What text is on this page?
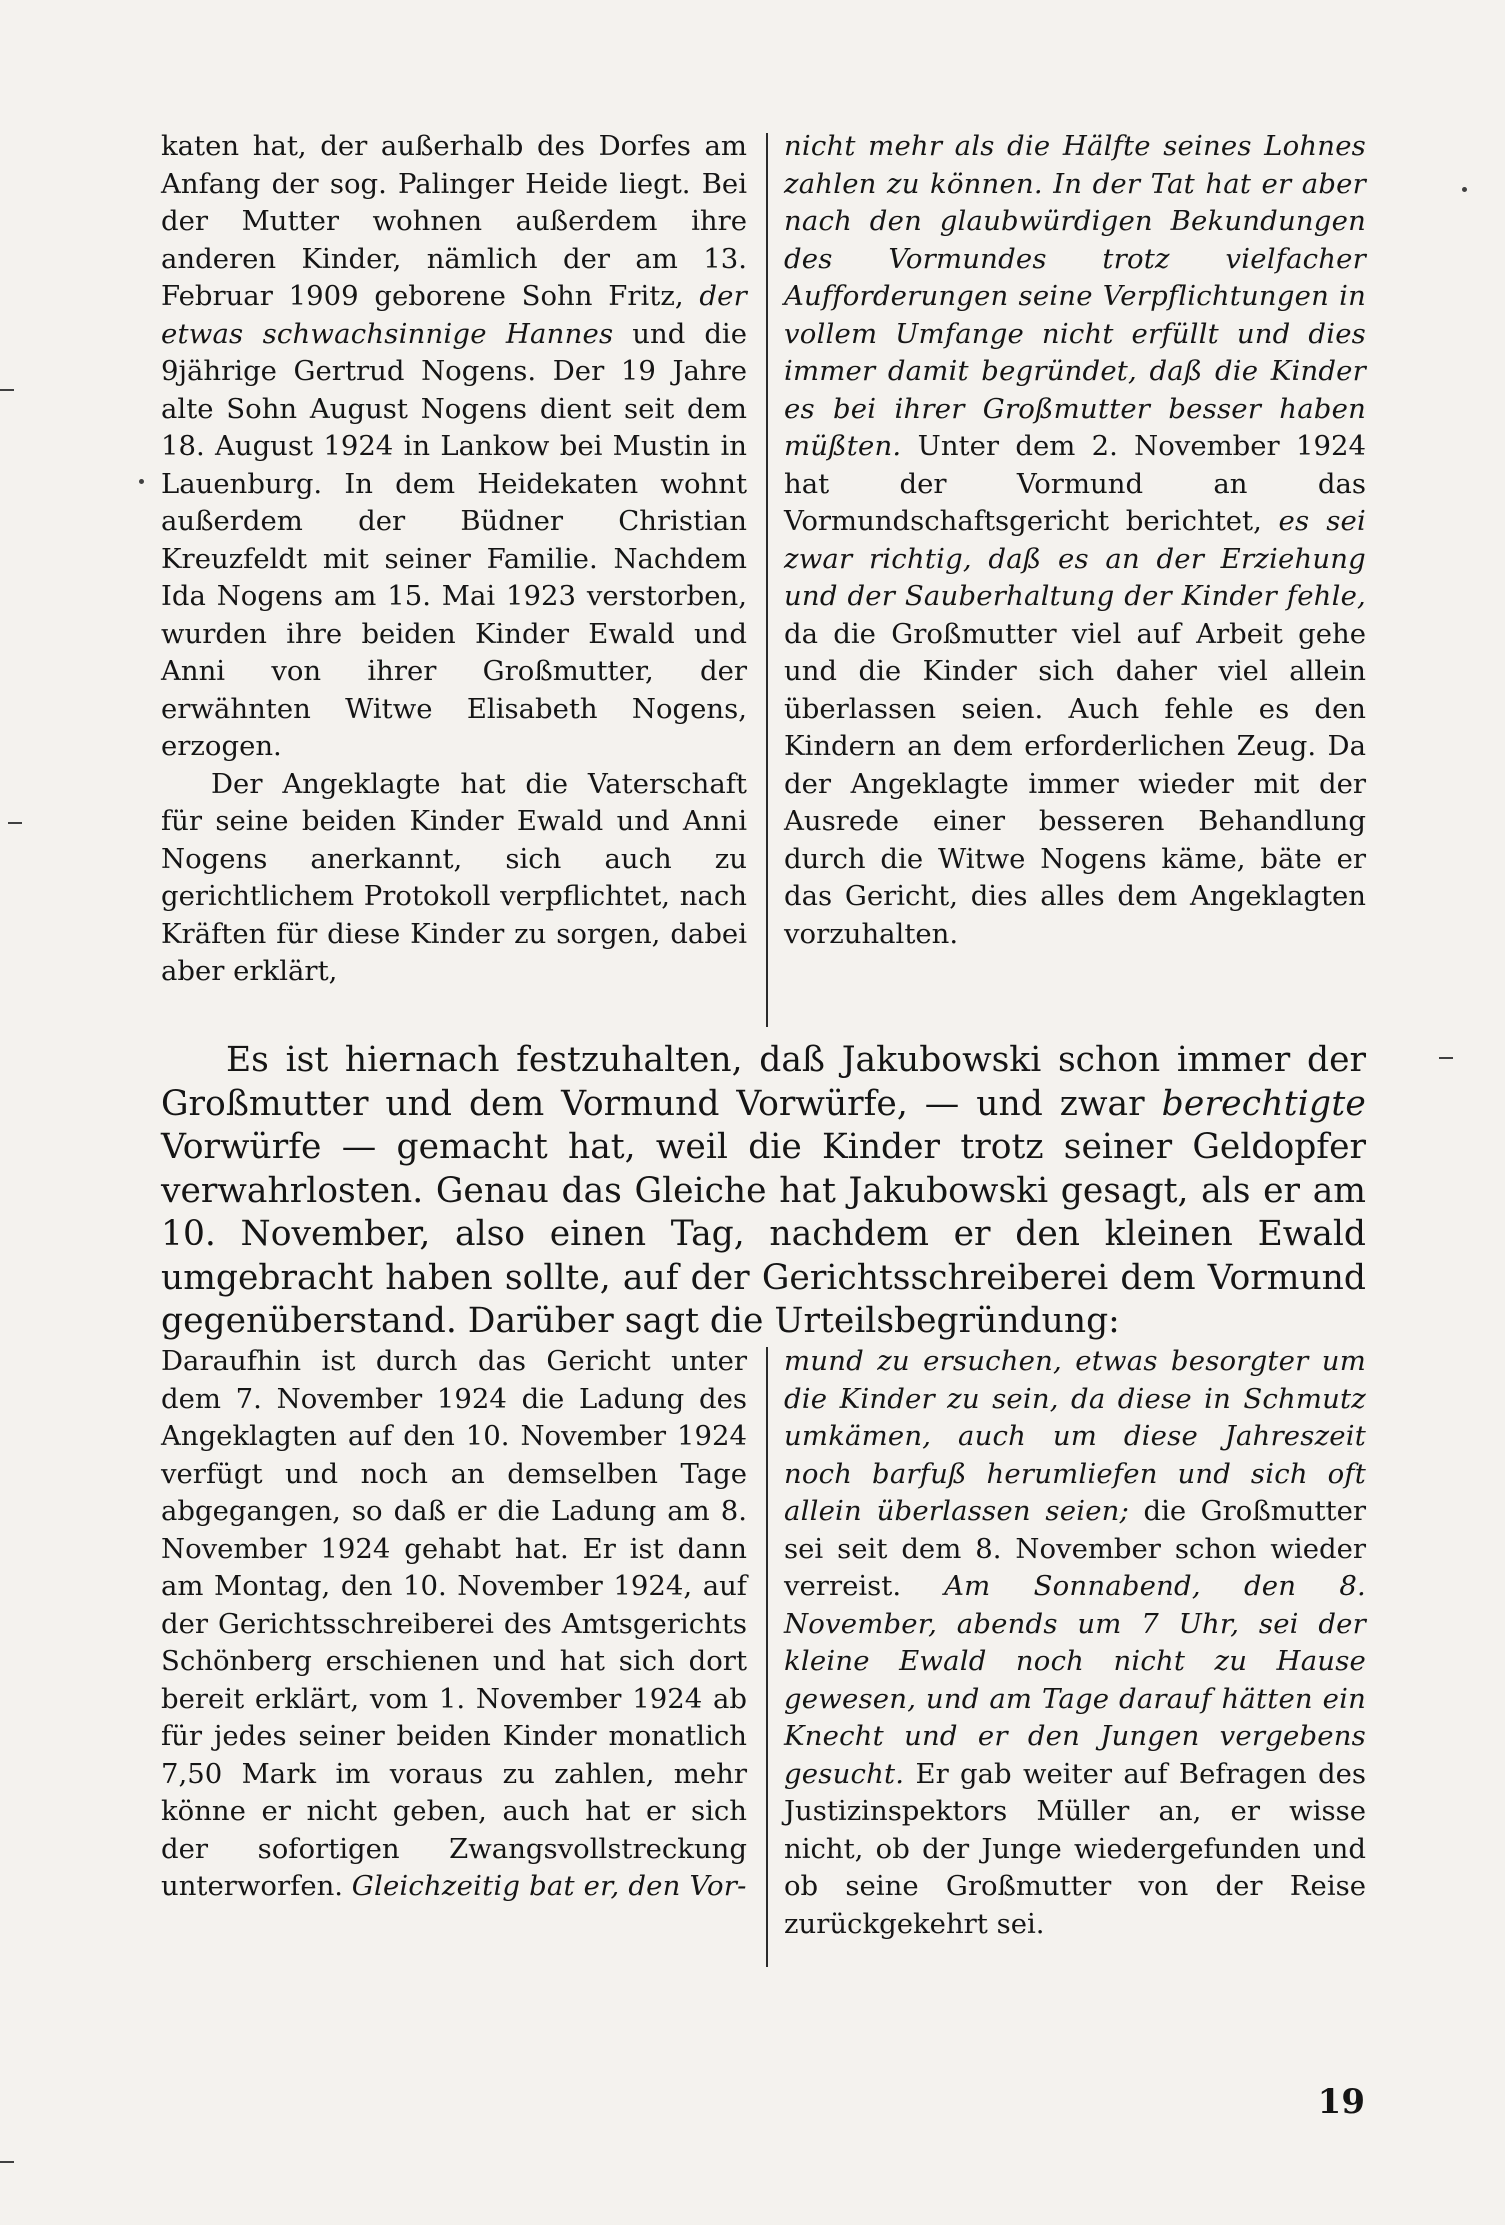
katen hat, der außerhalb des Dorfes am Anfang der sog. Palinger Heide liegt. Bei der Mutter wohnen außerdem ihre anderen Kinder, nämlich der am 13. Februar 1909 geborene Sohn Fritz, der etwas schwachsinnige Hannes und die 9jährige Gertrud Nogens. Der 19 Jahre alte Sohn August Nogens dient seit dem 18. August 1924 in Lankow bei Mustin in Lauenburg. In dem Heidekaten wohnt außerdem der Büdner Christian Kreuzfeldt mit seiner Familie. Nachdem Ida Nogens am 15. Mai 1923 verstorben, wurden ihre beiden Kinder Ewald und Anni von ihrer Großmutter, der erwähnten Witwe Elisabeth Nogens, erzogen.

Der Angeklagte hat die Vaterschaft für seine beiden Kinder Ewald und Anni Nogens anerkannt, sich auch zu gerichtlichem Protokoll verpflichtet, nach Kräften für diese Kinder zu sorgen, dabei aber erklärt,

nicht mehr als die Hälfte seines Lohnes zahlen zu können. In der Tat hat er aber nach den glaubwürdigen Bekundungen des Vormundes trotz vielfacher Aufforderungen seine Verpflichtungen in vollem Umfange nicht erfüllt und dies immer damit begründet, daß die Kinder es bei ihrer Großmutter besser haben müßten. Unter dem 2. November 1924 hat der Vormund an das Vormundschaftsgericht berichtet, es sei zwar richtig, daß es an der Erziehung und der Sauberhaltung der Kinder fehle, da die Großmutter viel auf Arbeit gehe und die Kinder sich daher viel allein überlassen seien. Auch fehle es den Kindern an dem erforderlichen Zeug. Da der Angeklagte immer wieder mit der Ausrede einer besseren Behandlung durch die Witwe Nogens käme, bäte er das Gericht, dies alles dem Angeklagten vorzuhalten.

Es ist hiernach festzuhalten, daß Jakubowski schon immer der Großmutter und dem Vormund Vorwürfe, — und zwar berechtigte Vorwürfe — gemacht hat, weil die Kinder trotz seiner Geldopfer verwahrlosten. Genau das Gleiche hat Jakubowski gesagt, als er am 10. November, also einen Tag, nachdem er den kleinen Ewald umgebracht haben sollte, auf der Gerichtsschreiberei dem Vormund gegenüberstand. Darüber sagt die Urteilsbegründung:

Daraufhin ist durch das Gericht unter dem 7. November 1924 die Ladung des Angeklagten auf den 10. November 1924 verfügt und noch an demselben Tage abgegangen, so daß er die Ladung am 8. November 1924 gehabt hat. Er ist dann am Montag, den 10. November 1924, auf der Gerichtsschreiberei des Amtsgerichts Schönberg erschienen und hat sich dort bereit erklärt, vom 1. November 1924 ab für jedes seiner beiden Kinder monatlich 7,50 Mark im voraus zu zahlen, mehr könne er nicht geben, auch hat er sich der sofortigen Zwangsvollstreckung unterworfen. Gleichzeitig bat er, den Vor-

mund zu ersuchen, etwas besorgter um die Kinder zu sein, da diese in Schmutz umkämen, auch um diese Jahreszeit noch barfuß herumliefen und sich oft allein überlassen seien; die Großmutter sei seit dem 8. November schon wieder verreist. Am Sonnabend, den 8. November, abends um 7 Uhr, sei der kleine Ewald noch nicht zu Hause gewesen, und am Tage darauf hätten ein Knecht und er den Jungen vergebens gesucht. Er gab weiter auf Befragen des Justizinspektors Müller an, er wisse nicht, ob der Junge wiedergefunden und ob seine Großmutter von der Reise zurückgekehrt sei.

19
